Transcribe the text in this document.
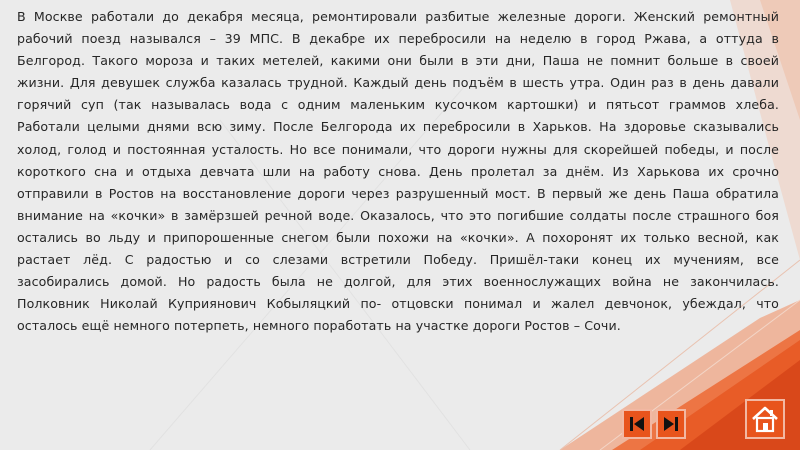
В Москве работали до декабря месяца, ремонтировали разбитые железные дороги. Женский ремонтный
рабочий поезд назывался – 39 МПС. В декабре их перебросили на неделю в город Ржава, а оттуда в
Белгород. Такого мороза и таких метелей, какими они были в эти дни, Паша не помнит больше в своей
жизни. Для девушек служба казалась трудной. Каждый день подъём в шесть утра. Один раз в день давали
горячий суп (так называлась вода с одним маленьким кусочком картошки) и пятьсот граммов хлеба.
Работали целыми днями всю зиму. После Белгорода их перебросили в Харьков. На здоровье сказывались
холод, голод и постоянная усталость. Но все понимали, что дороги нужны для скорейшей победы, и после
короткого сна и отдыха девчата шли на работу снова. День пролетал за днём. Из Харькова их срочно
отправили в Ростов на восстановление дороги через разрушенный мост. В первый же день Паша обратила
внимание на «кочки» в замёрзшей речной воде. Оказалось, что это погибшие солдаты после страшного боя
остались во льду и припорошенные снегом были похожи на «кочки». А похоронят их только весной, как
растает лёд. С радостью и со слезами встретили Победу. Пришёл-таки конец их мучениям, все
засобирались домой. Но радость была не долгой, для этих военнослужащих война не закончилась.
Полковник Николай Куприянович Кобыляцкий по- отцовски понимал и жалел девчонок, убеждал, что
осталось ещё немного потерпеть, немного поработать на участке дороги Ростов – Сочи.
